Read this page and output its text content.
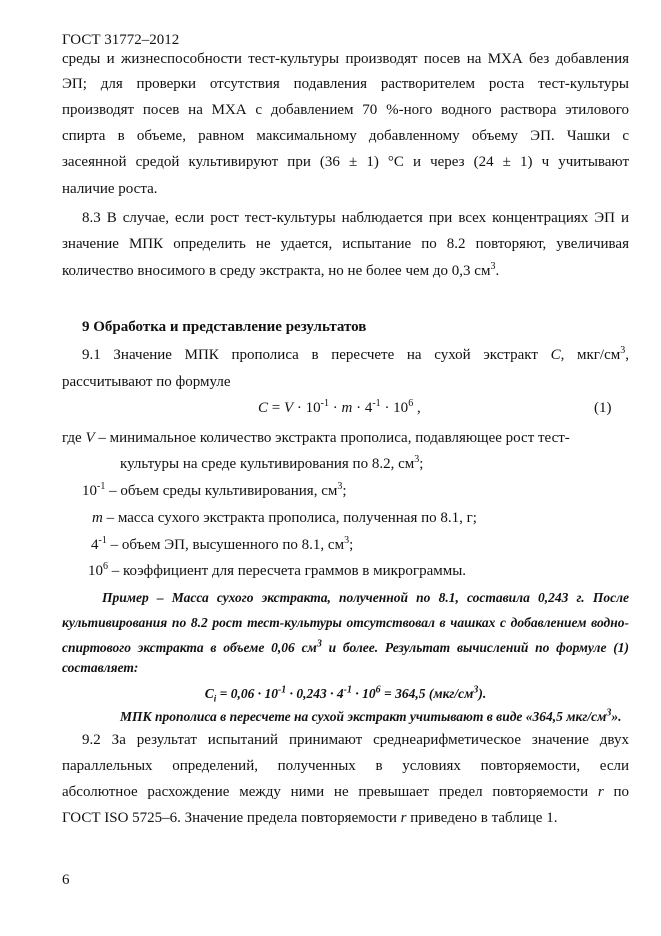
ГОСТ 31772–2012
среды и жизнеспособности тест-культуры производят посев на МХА без добавления
ЭП; для проверки отсутствия подавления растворителем роста тест-культуры
производят посев на МХА с добавлением 70 %-ного водного раствора этилового
спирта в объеме, равном максимальному добавленному объему ЭП. Чашки с
засеянной средой культивируют при (36 ± 1) °С и через (24 ± 1) ч учитывают
наличие роста.
8.3 В случае, если рост тест-культуры наблюдается при всех концентрациях ЭП и
значение МПК определить не удается, испытание по 8.2 повторяют, увеличивая
количество вносимого в среду экстракта, но не более чем до 0,3 $см^3$.
9 Обработка и представление результатов
9.1 Значение МПК прополиса в пересчете на сухой экстракт С, мкг/$см^3$,
рассчитывают по формуле
$С = V \cdot 10^{-1} \cdot m \cdot 4^{-1} \cdot 10^6$ ,	(1)
где V – минимальное количество экстракта прополиса, подавляющее рост тест-
культуры на среде культивирования по 8.2, $см^3$;
$10^{-1}$ – объем среды культивирования, $см^3$;
m – масса сухого экстракта прополиса, полученная по 8.1, г;
$4^{-1}$ – объем ЭП, высушенного по 8.1, $см^3$;
$10^6$ – коэффициент для пересчета граммов в микрограммы.
Пример – Масса сухого экстракта, полученной по 8.1, составила 0,243 г. После
культивирования по 8.2 рост тест-культуры отсутствовал в чашках с добавлением водно-
спиртового экстракта в объеме 0,06 $см^3$ и более. Результат вычислений по формуле (1)
составляет:
$C_i = 0,06 \cdot 10^{-1} \cdot 0,243 \cdot 4^{-1} \cdot 10^6 = 364,5$ $(мкг/см^3)$.
МПК прополиса в пересчете на сухой экстракт учитывают в виде «364,5 мкг/$см^3$».
9.2 За результат испытаний принимают среднеарифметическое значение двух
параллельных определений, полученных в условиях повторяемости, если
абсолютное расхождение между ними не превышает предел повторяемости r по
ГОСТ ISO 5725–6. Значение предела повторяемости r приведено в таблице 1.
6
